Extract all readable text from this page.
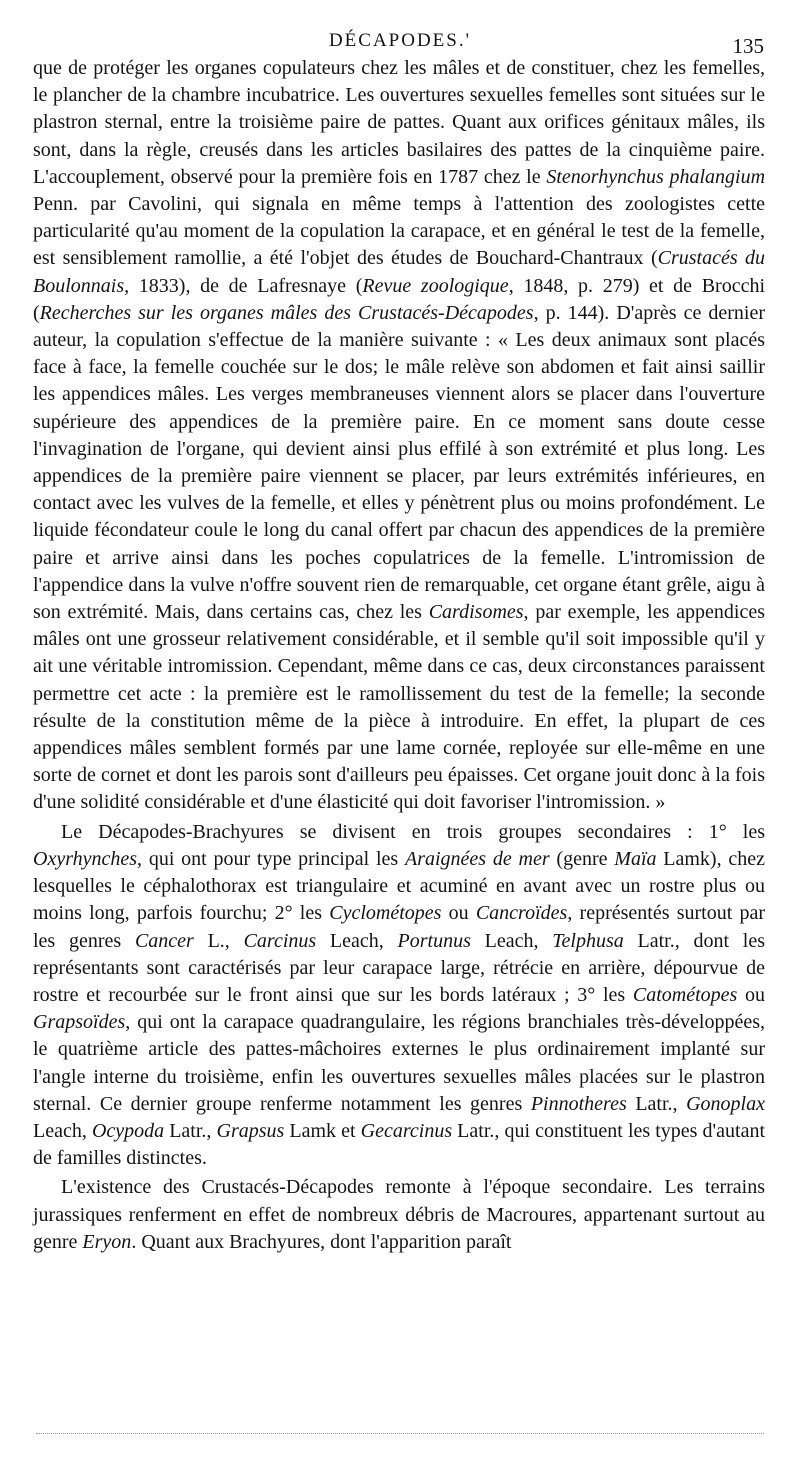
DÉCAPODES.'	135

que de protéger les organes copulateurs chez les mâles et de constituer, chez les femelles, le plancher de la chambre incubatrice. Les ouvertures sexuelles femelles sont situées sur le plastron sternal, entre la troisième paire de pattes. Quant aux orifices génitaux mâles, ils sont, dans la règle, creusés dans les articles basilaires des pattes de la cinquième paire. L'accouplement, observé pour la première fois en 1787 chez le Stenorhynchus phalangium Penn. par Cavolini, qui signala en même temps à l'attention des zoologistes cette particularité qu'au moment de la copulation la carapace, et en général le test de la femelle, est sensiblement ramollie, a été l'objet des études de Bouchard-Chantraux (Crustacés du Boulonnais, 1833), de de Lafresnaye (Revue zoologique, 1848, p. 279) et de Brocchi (Recherches sur les organes mâles des Crustacés-Décapodes, p. 144). D'après ce dernier auteur, la copulation s'effectue de la manière suivante : « Les deux animaux sont placés face à face, la femelle couchée sur le dos; le mâle relève son abdomen et fait ainsi saillir les appendices mâles. Les verges membraneuses viennent alors se placer dans l'ouverture supérieure des appendices de la première paire. En ce moment sans doute cesse l'invagination de l'organe, qui devient ainsi plus effilé à son extrémité et plus long. Les appendices de la première paire viennent se placer, par leurs extrémités inférieures, en contact avec les vulves de la femelle, et elles y pénètrent plus ou moins profondément. Le liquide fécondateur coule le long du canal offert par chacun des appendices de la première paire et arrive ainsi dans les poches copulatrices de la femelle. L'intromission de l'appendice dans la vulve n'offre souvent rien de remarquable, cet organe étant grêle, aigu à son extrémité. Mais, dans certains cas, chez les Cardisomes, par exemple, les appendices mâles ont une grosseur relativement considérable, et il semble qu'il soit impossible qu'il y ait une véritable intromission. Cependant, même dans ce cas, deux circonstances paraissent permettre cet acte : la première est le ramollissement du test de la femelle; la seconde résulte de la constitution même de la pièce à introduire. En effet, la plupart de ces appendices mâles semblent formés par une lame cornée, reployée sur elle-même en une sorte de cornet et dont les parois sont d'ailleurs peu épaisses. Cet organe jouit donc à la fois d'une solidité considérable et d'une élasticité qui doit favoriser l'intromission. »

Le Décapodes-Brachyures se divisent en trois groupes secondaires : 1° les Oxyrhynches, qui ont pour type principal les Araignées de mer (genre Maïa Lamk), chez lesquelles le céphalothorax est triangulaire et acuminé en avant avec un rostre plus ou moins long, parfois fourchu; 2° les Cyclométopes ou Cancroïdes, représentés surtout par les genres Cancer L., Carcinus Leach, Portunus Leach, Telphusa Latr., dont les représentants sont caractérisés par leur carapace large, rétrécie en arrière, dépourvue de rostre et recourbée sur le front ainsi que sur les bords latéraux ; 3° les Catométopes ou Grapsoïdes, qui ont la carapace quadrangulaire, les régions branchiales très-développées, le quatrième article des pattes-mâchoires externes le plus ordinairement implanté sur l'angle interne du troisième, enfin les ouvertures sexuelles mâles placées sur le plastron sternal. Ce dernier groupe renferme notamment les genres Pinnotheres Latr., Gonoplax Leach, Ocypoda Latr., Grapsus Lamk et Gecarcinus Latr., qui constituent les types d'autant de familles distinctes.

L'existence des Crustacés-Décapodes remonte à l'époque secondaire. Les terrains jurassiques renferment en effet de nombreux débris de Macroures, appartenant surtout au genre Eryon. Quant aux Brachyures, dont l'apparition paraît
